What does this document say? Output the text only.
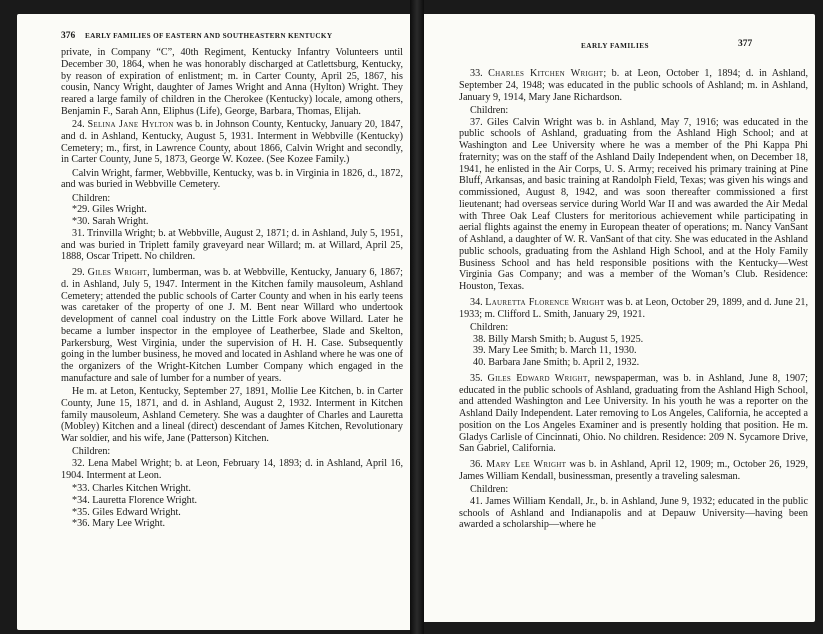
376 EARLY FAMILIES OF EASTERN AND SOUTHEASTERN KENTUCKY

private, in Company “C”, 40th Regiment, Kentucky Infantry Volunteers until December 30, 1864, when he was honorably discharged at Catlettsburg, Kentucky, by reason of expiration of enlistment; m. in Carter County, April 25, 1867, his cousin, Nancy Wright, daughter of James Wright and Anna (Hylton) Wright. They reared a large family of children in the Cherokee (Kentucky) locale, among others, Benjamin F., Sarah Ann, Eliphus (Life), George, Barbara, Thomas, Elijah.

24. Selina Jane Hylton was b. in Johnson County, Kentucky, January 20, 1847, and d. in Ashland, Kentucky, August 5, 1931. Interment in Webbville (Kentucky) Cemetery; m., first, in Lawrence County, about 1866, Calvin Wright and secondly, in Carter County, June 5, 1873, George W. Kozee. (See Kozee Family.)

Calvin Wright, farmer, Webbville, Kentucky, was b. in Virginia in 1826, d., 1872, and was buried in Webbville Cemetery.

Children:

*29. Giles Wright.

*30. Sarah Wright.

31. Trinvilla Wright; b. at Webbville, August 2, 1871; d. in Ashland, July 5, 1951, and was buried in Triplett family graveyard near Willard; m. at Willard, April 25, 1888, Oscar Tripett. No children.

29. Giles Wright, lumberman, was b. at Webbville, Kentucky, January 6, 1867; d. in Ashland, July 5, 1947. Interment in the Kitchen family mausoleum, Ashland Cemetery; attended the public schools of Carter County and when in his early teens was caretaker of the property of one J. M. Bent near Willard who undertook development of cannel coal industry on the Little Fork above Willard. Later he became a lumber inspector in the employee of Leatherbee, Slade and Skelton, Parkersburg, West Virginia, under the supervision of H. H. Case. Subsequently going in the lumber business, he moved and located in Ashland where he was one of the organizers of the Wright-Kitchen Lumber Company which engaged in the manufacture and sale of lumber for a number of years.

He m. at Leton, Kentucky, September 27, 1891, Mollie Lee Kitchen, b. in Carter County, June 15, 1871, and d. in Ashland, August 2, 1932. Interment in Kitchen family mausoleum, Ashland Cemetery. She was a daughter of Charles and Lauretta (Mobley) Kitchen and a lineal (direct) descendant of James Kitchen, Revolutionary War soldier, and his wife, Jane (Patterson) Kitchen.

Children:

32. Lena Mabel Wright; b. at Leon, February 14, 1893; d. in Ashland, April 16, 1904. Interment at Leon.

*33. Charles Kitchen Wright.

*34. Lauretta Florence Wright.

*35. Giles Edward Wright.

*36. Mary Lee Wright.

EARLY FAMILIES	377

33. Charles Kitchen Wright; b. at Leon, October 1, 1894; d. in Ashland, September 24, 1948; was educated in the public schools of Ashland; m. in Ashland, January 9, 1914, Mary Jane Richardson.

Children:

37. Giles Calvin Wright was b. in Ashland, May 7, 1916; was educated in the public schools of Ashland, graduating from the Ashland High School; and at Washington and Lee University where he was a member of the Phi Kappa Phi fraternity; was on the staff of the Ashland Daily Independent when, on December 18, 1941, he enlisted in the Air Corps, U. S. Army; received his primary training at Pine Bluff, Arkansas, and basic training at Randolph Field, Texas; was given his wings and commissioned, August 8, 1942, and was soon thereafter commissioned a first lieutenant; had overseas service during World War II and was awarded the Air Medal with Three Oak Leaf Clusters for meritorious achievement while participating in aerial flights against the enemy in European theater of operations; m. Nancy VanSant of Ashland, a daughter of W. R. VanSant of that city. She was educated in the Ashland public schools, graduating from the Ashland High School, and at the Holy Family Business School and has held responsible positions with the Kentucky—West Virginia Gas Company; and was a member of the Woman’s Club. Residence: Houston, Texas.

34. Lauretta Florence Wright was b. at Leon, October 29, 1899, and d. June 21, 1933; m. Clifford L. Smith, January 29, 1921.

Children:

38. Billy Marsh Smith; b. August 5, 1925.

39. Mary Lee Smith; b. March 11, 1930.

40. Barbara Jane Smith; b. April 2, 1932.

35. Giles Edward Wright, newspaperman, was b. in Ashland, June 8, 1907; educated in the public schools of Ashland, graduating from the Ashland High School, and attended Washington and Lee University. In his youth he was a reporter on the Ashland Daily Independent. Later removing to Los Angeles, California, he accepted a position on the Los Angeles Examiner and is presently holding that position. He m. Gladys Carlisle of Cincinnati, Ohio. No children. Residence: 209 N. Sycamore Drive, San Gabriel, California.

36. Mary Lee Wright was b. in Ashland, April 12, 1909; m., October 26, 1929, James William Kendall, businessman, presently a traveling salesman.

Children:

41. James William Kendall, Jr., b. in Ashland, June 9, 1932; educated in the public schools of Ashland and Indianapolis and at Depauw University—having been awarded a scholarship—where he
